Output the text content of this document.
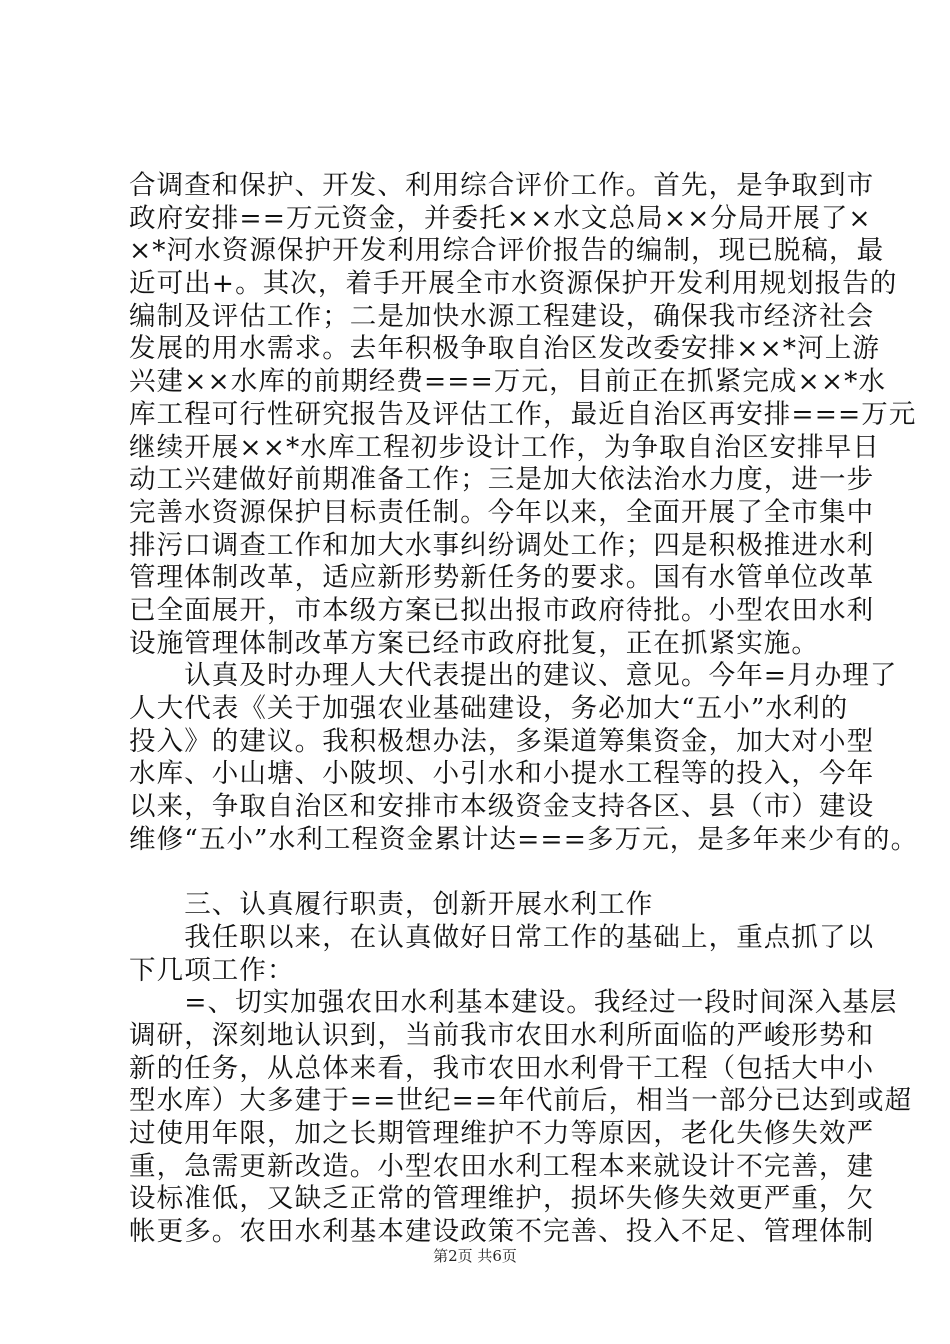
合调查和保护、开发、利用综合评价工作。首先，是争取到市
政府安排==万元资金，并委托××水文总局××分局开展了×
×*河水资源保护开发利用综合评价报告的编制，现已脱稿，最
近可出+。其次，着手开展全市水资源保护开发利用规划报告的
编制及评估工作；二是加快水源工程建设，确保我市经济社会
发展的用水需求。去年积极争取自治区发改委安排××*河上游
兴建××水库的前期经费===万元，目前正在抓紧完成××*水
库工程可行性研究报告及评估工作，最近自治区再安排===万元
继续开展××*水库工程初步设计工作，为争取自治区安排早日
动工兴建做好前期准备工作；三是加大依法治水力度，进一步
完善水资源保护目标责任制。今年以来，全面开展了全市集中
排污口调查工作和加大水事纠纷调处工作；四是积极推进水利
管理体制改革，适应新形势新任务的要求。国有水管单位改革
已全面展开，市本级方案已拟出报市政府待批。小型农田水利
设施管理体制改革方案已经市政府批复，正在抓紧实施。
　　认真及时办理人大代表提出的建议、意见。今年=月办理了
人大代表《关于加强农业基础建设，务必加大“五小”水利的
投入》的建议。我积极想办法，多渠道筹集资金，加大对小型
水库、小山塘、小陂坝、小引水和小提水工程等的投入，今年
以来，争取自治区和安排市本级资金支持各区、县（市）建设
维修“五小”水利工程资金累计达===多万元，是多年来少有的。
　　三、认真履行职责，创新开展水利工作
　　我任职以来，在认真做好日常工作的基础上，重点抓了以
下几项工作：
　　=、切实加强农田水利基本建设。我经过一段时间深入基层
调研，深刻地认识到，当前我市农田水利所面临的严峻形势和
新的任务，从总体来看，我市农田水利骨干工程（包括大中小
型水库）大多建于==世纪==年代前后，相当一部分已达到或超
过使用年限，加之长期管理维护不力等原因，老化失修失效严
重，急需更新改造。小型农田水利工程本来就设计不完善，建
设标准低，又缺乏正常的管理维护，损坏失修失效更严重，欠
帐更多。农田水利基本建设政策不完善、投入不足、管理体制
第2页 共6页
